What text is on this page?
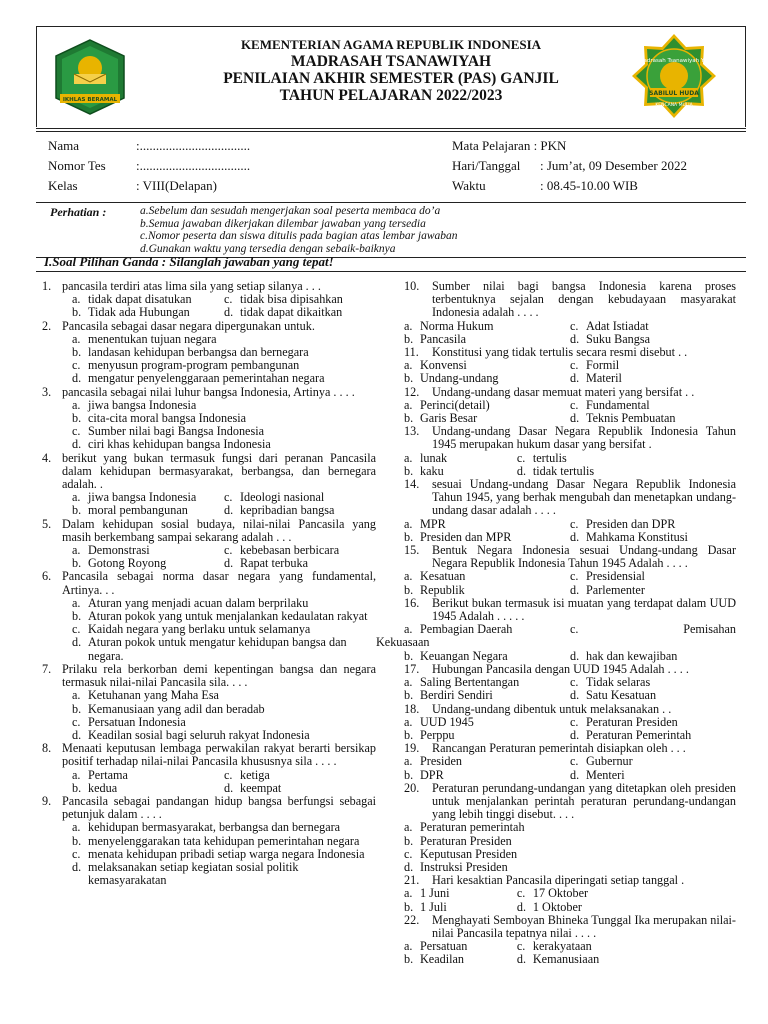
IKHLAS BERAMAL
KEMENTERIAN AGAMA REPUBLIK INDONESIA
MADRASAH TSANAWIYAH
PENILAIAN AKHIR SEMESTER (PAS) GANJIL
TAHUN PELAJARAN 2022/2023
Madrasah Tsanawiyah YPI
SABILUL HUDA
KENCANA MULIA
Nama	:..................................	Mata Pelajaran : PKN
Nomor Tes :..................................	Hari/Tanggal : Jum’at, 09 Desember 2022
Kelas	: VIII(Delapan)	Waktu	: 08.45-10.00 WIB
Perhatian :	a.Sebelum dan sesudah mengerjakan soal peserta membaca do’a
b.Semua jawaban dikerjakan dilembar jawaban yang tersedia
c.Nomor peserta dan siswa ditulis pada bagian atas lembar jawaban
d.Gunakan waktu yang tersedia dengan sebaik-baiknya
I.Soal Pilihan Ganda : Silanglah jawaban yang tepat!
1. pancasila terdiri atas lima sila yang setiap silanya . . .
a. tidak dapat disatukan	c. tidak bisa dipisahkan
b. Tidak ada Hubungan	d. tidak dapat dikaitkan
2. Pancasila sebagai dasar negara dipergunakan untuk.
a. menentukan tujuan negara
b. landasan kehidupan berbangsa dan bernegara
c. menyusun program-program pembangunan
d. mengatur penyelenggaraan pemerintahan negara
3. pancasila sebagai nilai luhur bangsa Indonesia, Artinya . . . .
a. jiwa bangsa Indonesia
b. cita-cita moral bangsa Indonesia
c. Sumber nilai bagi Bangsa Indonesia
d. ciri khas kehidupan bangsa Indonesia
4. berikut yang bukan termasuk fungsi dari peranan Pancasila dalam kehidupan bermasyarakat, berbangsa, dan bernegara adalah. .
a. jiwa bangsa Indonesia c. Ideologi nasional
b. moral pembangunan	d. kepribadian bangsa
5. Dalam kehidupan sosial budaya, nilai-nilai Pancasila yang masih berkembang sampai sekarang adalah . . .
a. Demonstrasi	c. kebebasan berbicara
b. Gotong Royong	d. Rapat terbuka
6. Pancasila sebagai norma dasar negara yang fundamental, Artinya. . .
a. Aturan yang menjadi acuan dalam berprilaku
b. Aturan pokok yang untuk menjalankan kedaulatan rakyat
c. Kaidah negara yang berlaku untuk selamanya
d. Aturan pokok untuk mengatur kehidupan bangsa dan negara.
7. Prilaku rela berkorban demi kepentingan bangsa dan negara termasuk nilai-nilai Pancasila sila. . . .
a. Ketuhanan yang Maha Esa
b. Kemanusiaan yang adil dan beradab
c. Persatuan Indonesia
d. Keadilan sosial bagi seluruh rakyat Indonesia
8. Menaati keputusan lembaga perwakilan rakyat berarti bersikap positif terhadap nilai-nilai Pancasila khususnya sila . . . .
a. Pertama	c. ketiga
b. kedua	d. keempat
9. Pancasila sebagai pandangan hidup bangsa berfungsi sebagai petunjuk dalam . . . .
a. kehidupan bermasyarakat, berbangsa dan bernegara
b. menyelenggarakan tata kehidupan pemerintahan negara
c. menata kehidupan pribadi setiap warga negara Indonesia
d. melaksanakan setiap kegiatan sosial politik kemasyarakatan
10.	Sumber nilai bagi bangsa Indonesia karena proses terbentuknya sejalan dengan kebudayaan masyarakat Indonesia adalah . . . .
a. Norma Hukum	c. Adat Istiadat
b. Pancasila	d. Suku Bangsa
11.	Konstitusi yang tidak tertulis secara resmi disebut . .
a. Konvensi	c. Formil
b. Undang-undang	d. Materil
12.	Undang-undang dasar memuat materi yang bersifat . .
a. Perinci(detail)	c. Fundamental
b. Garis Besar	d. Teknis Pembuatan
13.	Undang-undang Dasar Negara Republik Indonesia Tahun 1945 merupakan hukum dasar yang bersifat .
a. lunak	c. tertulis
b. kaku	d. tidak tertulis
14.	sesuai Undang-undang Dasar Negara Republik Indonesia Tahun 1945, yang berhak mengubah dan menetapkan undang-undang dasar adalah . . . .
a. MPR	c. Presiden dan DPR
b. Presiden dan MPR	d. Mahkama Konstitusi
15.	Bentuk Negara Indonesia sesuai Undang-undang Dasar Negara Republik Indonesia Tahun 1945 Adalah . . . .
a. Kesatuan	c. Presidensial
b. Republik	d. Parlementer
16.	Berikut bukan termasuk isi muatan yang terdapat dalam UUD 1945 Adalah . . . . .
a. Pembagian Daerah	c.	Pemisahan
Kekuasaan
b. Keuangan Negara	d. hak dan kewajiban
17.	Hubungan Pancasila dengan UUD 1945 Adalah . . . .
a. Saling Bertentangan	c. Tidak selaras
b. Berdiri Sendiri	d. Satu Kesatuan
18.	Undang-undang dibentuk untuk melaksanakan . .
a. UUD 1945	c. Peraturan Presiden
b. Perppu	d. Peraturan Pemerintah
19.	Rancangan Peraturan pemerintah disiapkan oleh . . .
a. Presiden	c. Gubernur
b. DPR	d. Menteri
20.	Peraturan perundang-undangan yang ditetapkan oleh presiden untuk menjalankan perintah peraturan perundang-undangan yang lebih tinggi disebut. . . .
a. Peraturan pemerintah
b. Peraturan Presiden
c. Keputusan Presiden
d. Instruksi Presiden
21.	Hari kesaktian Pancasila diperingati setiap tanggal .
a. 1 Juni	c. 17 Oktober
b. 1 Juli	d. 1 Oktober
22.	Menghayati Semboyan Bhineka Tunggal Ika merupakan nilai-nilai Pancasila tepatnya nilai . . . .
a. Persatuan	c. kerakyataan
b. Keadilan	d. Kemanusiaan
